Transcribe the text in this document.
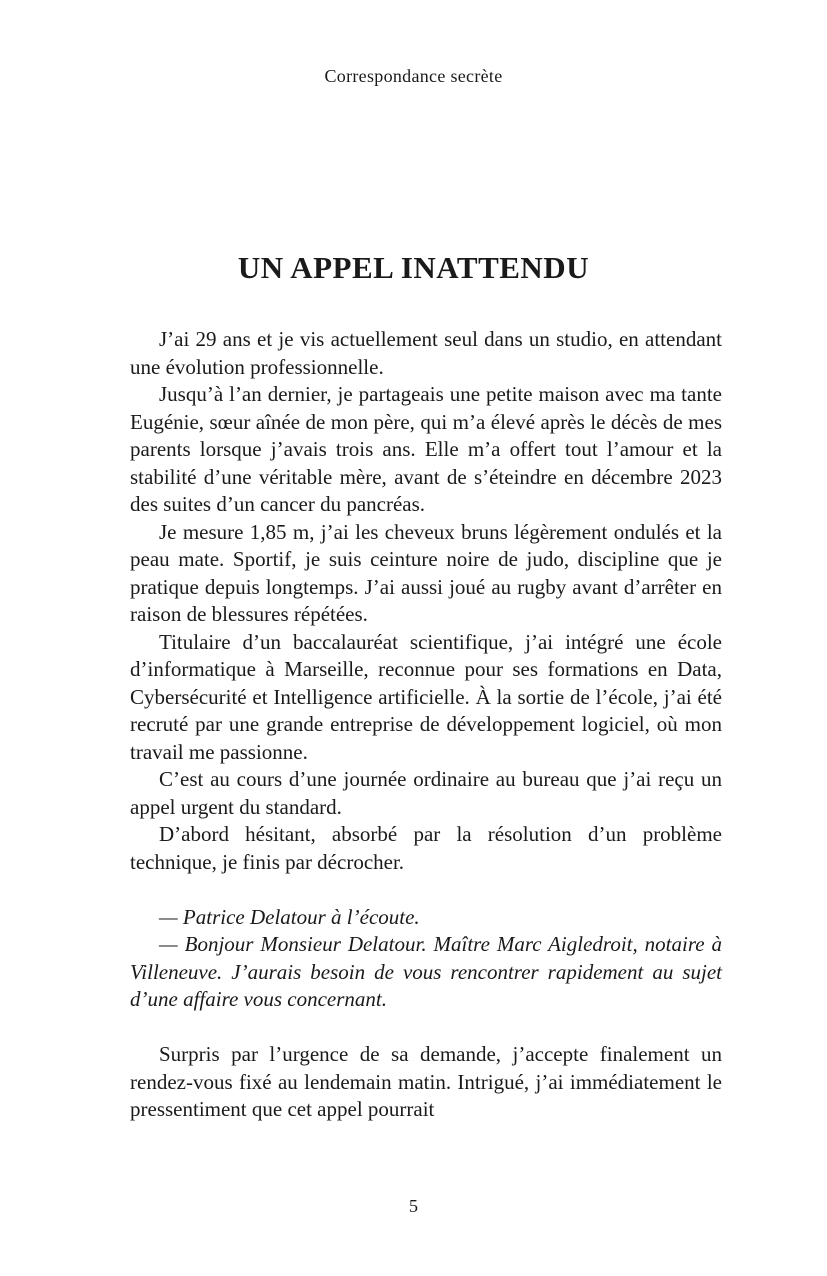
Correspondance secrète
UN APPEL INATTENDU

J’ai 29 ans et je vis actuellement seul dans un studio, en attendant une évolution professionnelle.

Jusqu’à l’an dernier, je partageais une petite maison avec ma tante Eugénie, sœur aînée de mon père, qui m’a élevé après le décès de mes parents lorsque j’avais trois ans. Elle m’a offert tout l’amour et la stabilité d’une véritable mère, avant de s’éteindre en décembre 2023 des suites d’un cancer du pancréas.

Je mesure 1,85 m, j’ai les cheveux bruns légèrement ondulés et la peau mate. Sportif, je suis ceinture noire de judo, discipline que je pratique depuis longtemps. J’ai aussi joué au rugby avant d’arrêter en raison de blessures répétées.

Titulaire d’un baccalauréat scientifique, j’ai intégré une école d’informatique à Marseille, reconnue pour ses formations en Data, Cybersécurité et Intelligence artificielle. À la sortie de l’école, j’ai été recruté par une grande entreprise de développement logiciel, où mon travail me passionne.

C’est au cours d’une journée ordinaire au bureau que j’ai reçu un appel urgent du standard.

D’abord hésitant, absorbé par la résolution d’un problème technique, je finis par décrocher.

— Patrice Delatour à l’écoute.

— Bonjour Monsieur Delatour. Maître Marc Aigledroit, notaire à Villeneuve. J’aurais besoin de vous rencontrer rapidement au sujet d’une affaire vous concernant.

Surpris par l’urgence de sa demande, j’accepte finalement un rendez-vous fixé au lendemain matin. Intrigué, j’ai immédiatement le pressentiment que cet appel pourrait

5
